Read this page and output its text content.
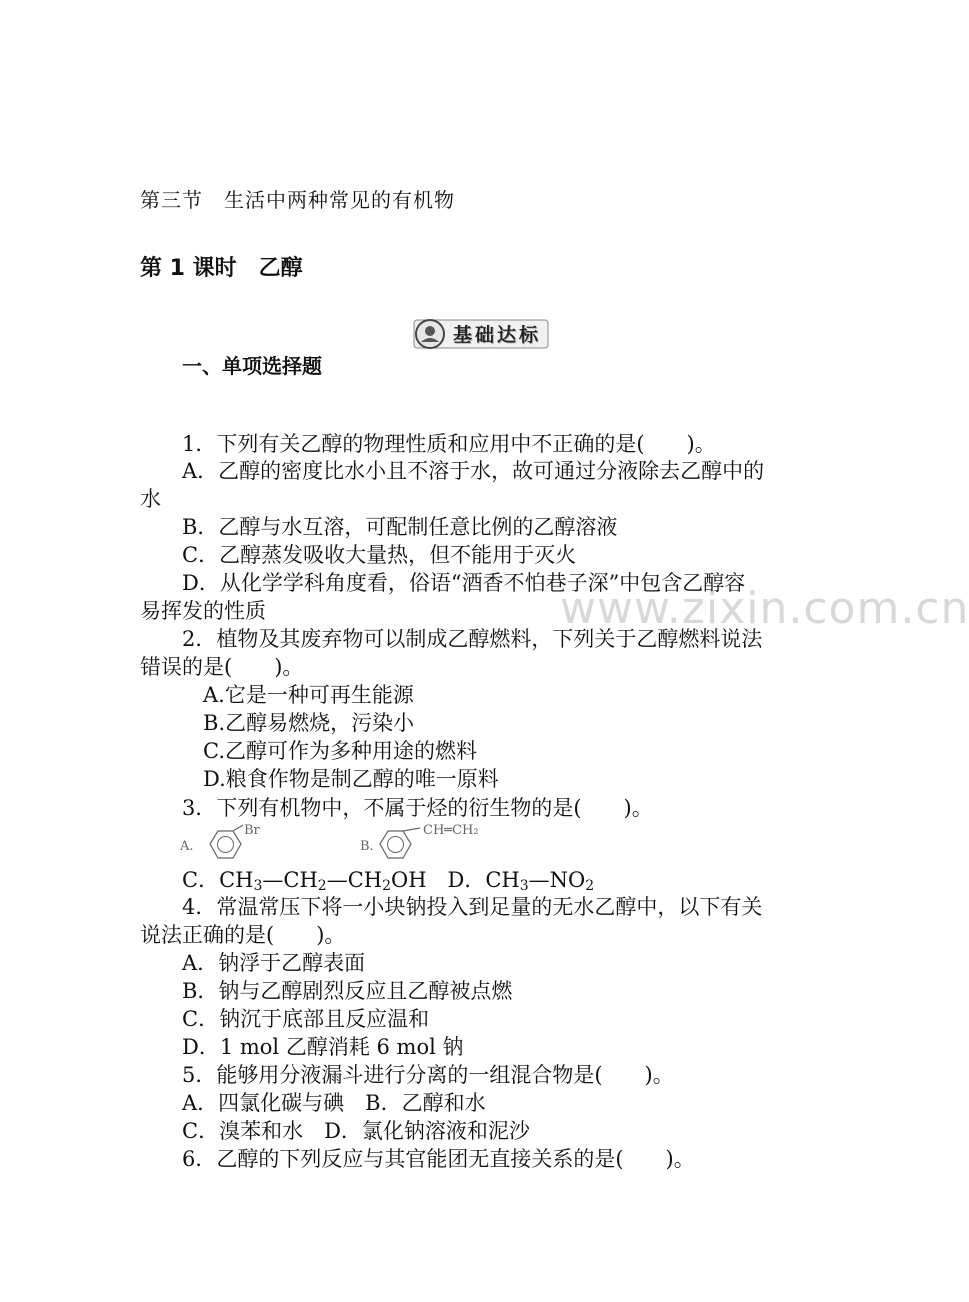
第三节　生活中两种常见的有机物
第 1 课时　乙醇
基础达标
一、单项选择题
www.zixin.com.cn
1．下列有关乙醇的物理性质和应用中不正确的是(　　)。
A．乙醇的密度比水小且不溶于水，故可通过分液除去乙醇中的
水
B．乙醇与水互溶，可配制任意比例的乙醇溶液
C．乙醇蒸发吸收大量热，但不能用于灭火
D．从化学学科角度看，俗语“酒香不怕巷子深”中包含乙醇容
易挥发的性质
2．植物及其废弃物可以制成乙醇燃料，下列关于乙醇燃料说法
错误的是(　　)。
A.它是一种可再生能源
B.乙醇易燃烧，污染小
C.乙醇可作为多种用途的燃料
D.粮食作物是制乙醇的唯一原料
3．下列有机物中，不属于烃的衍生物的是(　　)。
A.
Br
B.
CH═CH₂
C．$CH_3—CH_2—CH_2OH$　D．$CH_3—NO_2$
4．常温常压下将一小块钠投入到足量的无水乙醇中，以下有关
说法正确的是(　　)。
A．钠浮于乙醇表面
B．钠与乙醇剧烈反应且乙醇被点燃
C．钠沉于底部且反应温和
D．1 mol 乙醇消耗 6 mol 钠
5．能够用分液漏斗进行分离的一组混合物是(　　)。
A．四氯化碳与碘　B．乙醇和水
C．溴苯和水　D．氯化钠溶液和泥沙
6．乙醇的下列反应与其官能团无直接关系的是(　　)。
